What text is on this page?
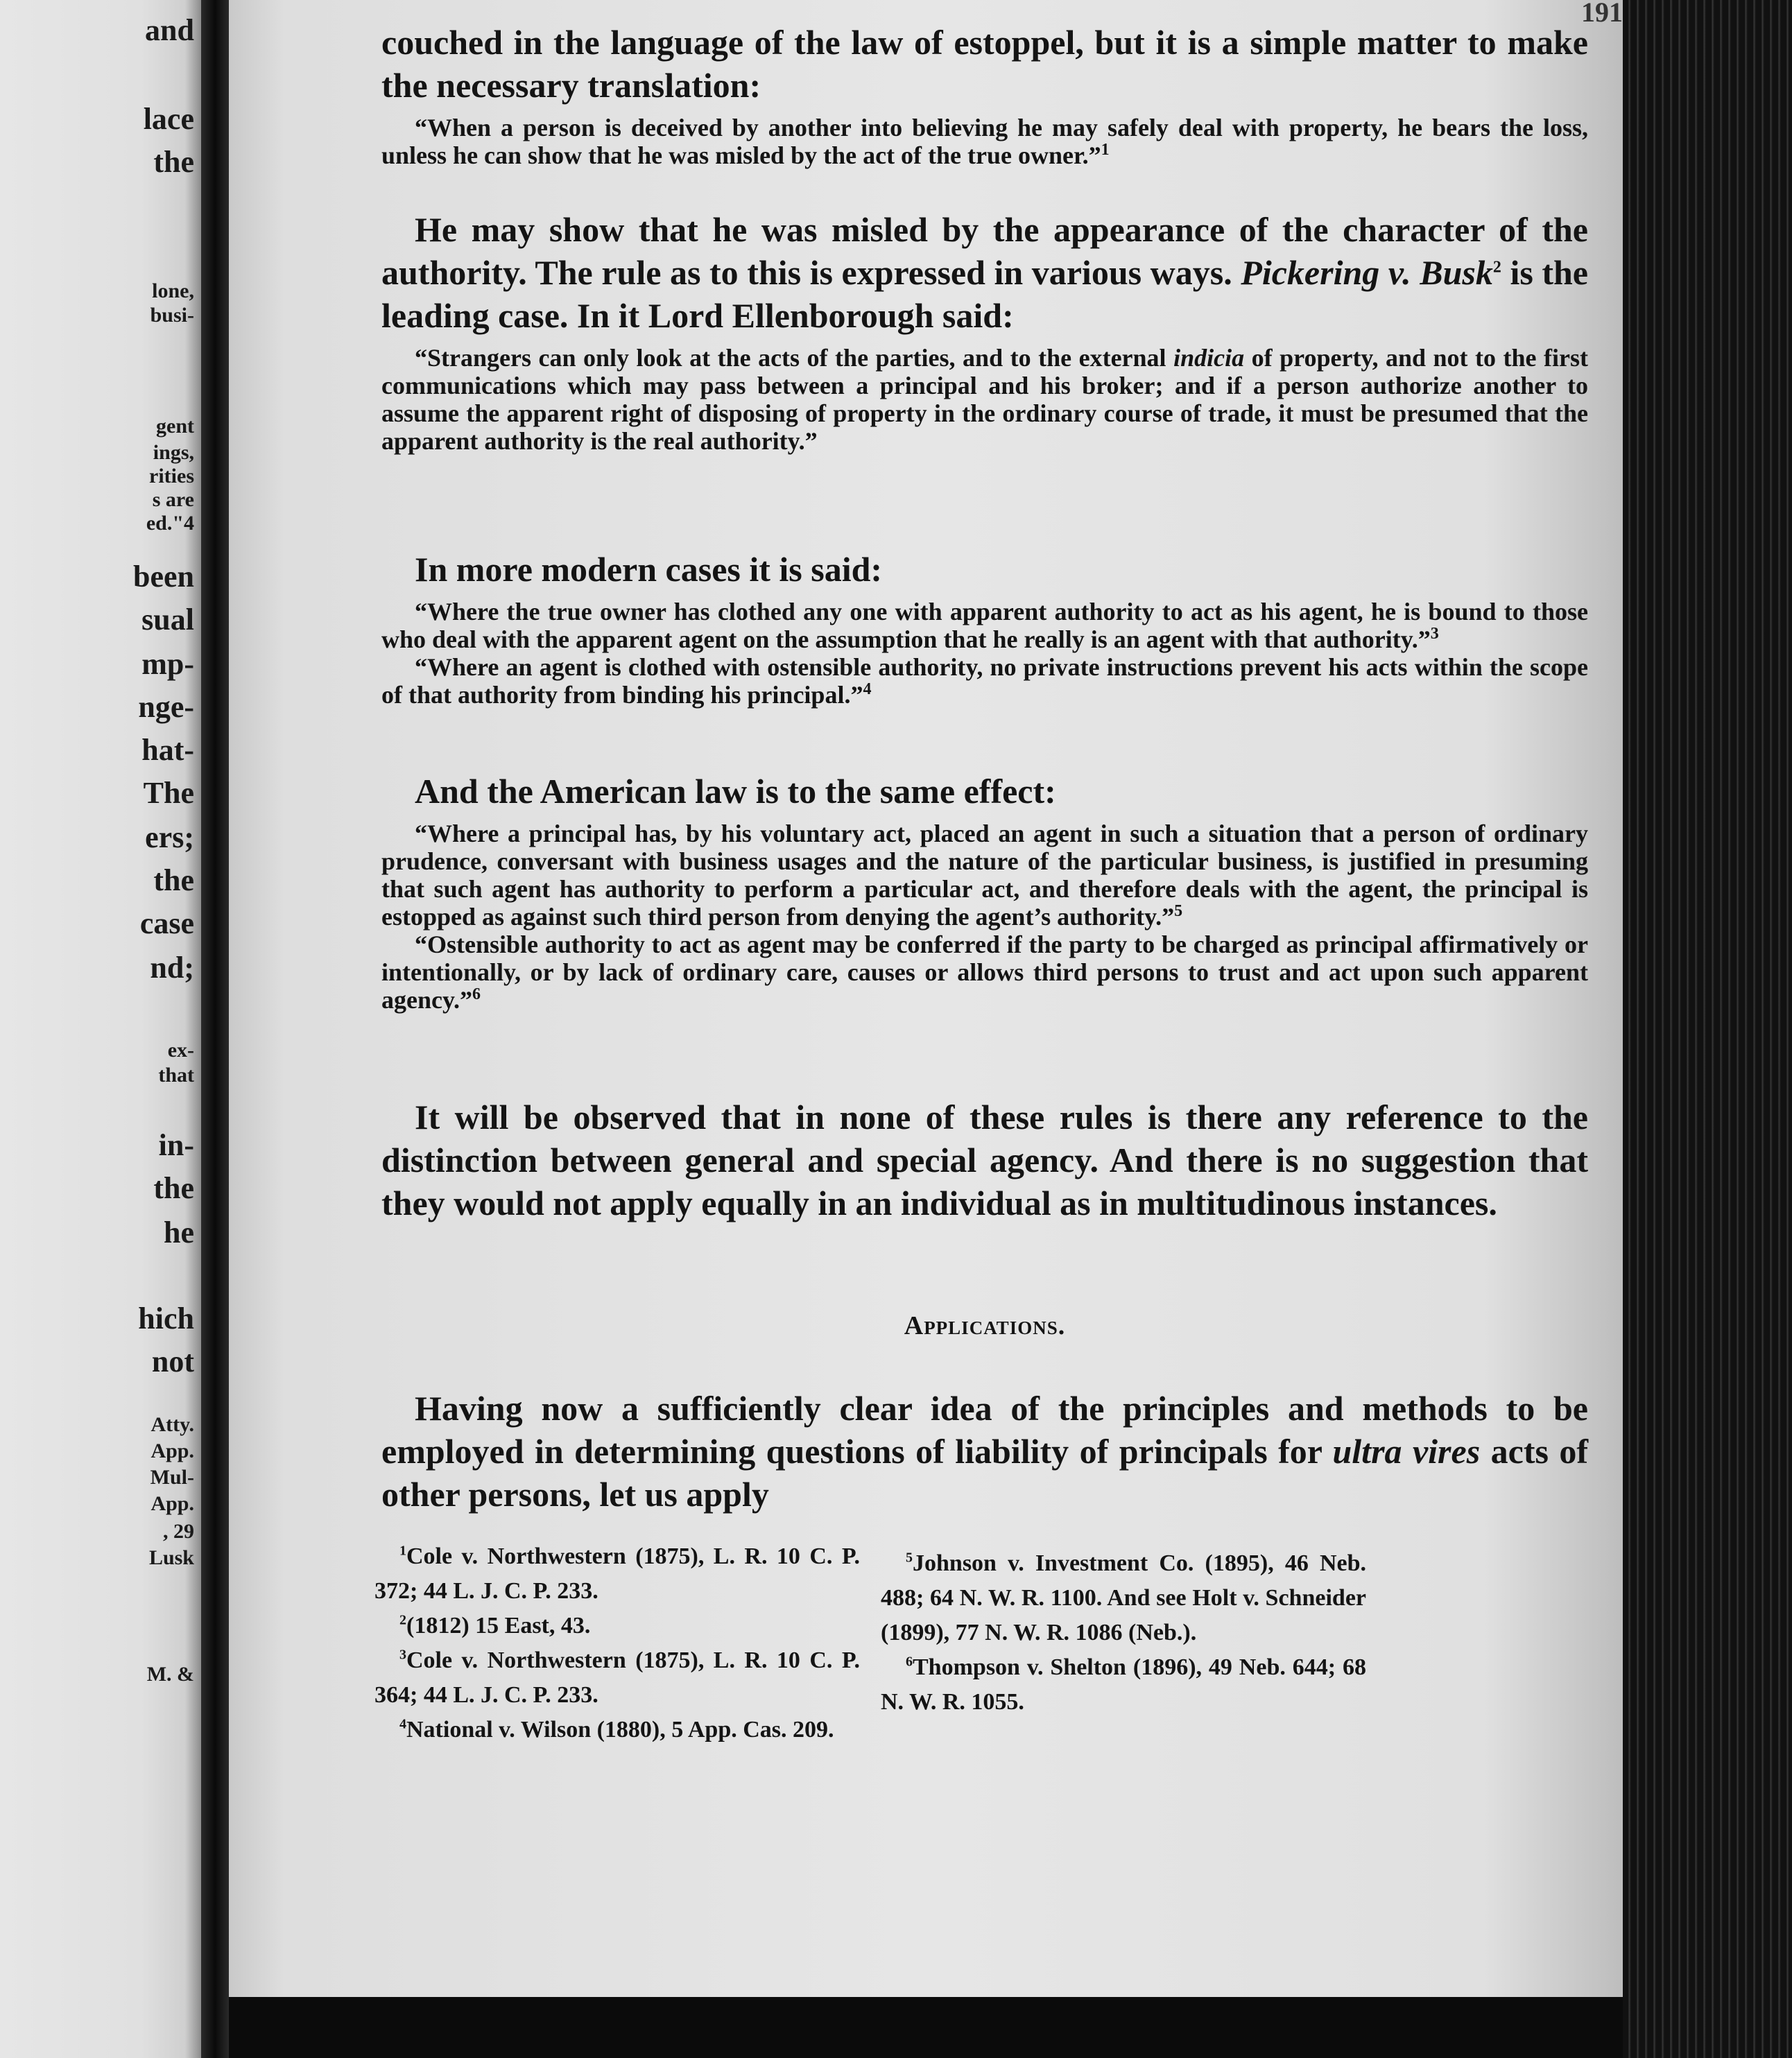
and
lace
the
lone,
busi-
gent
ings,
rities
s are
ed."4
been
sual
mp-
nge-
hat-
The
ers;
the
case
nd;
ex-
that
in-
the
he
hich
not
Atty.
App.
Mul-
App.
, 29
Lusk
M. &
191

couched in the language of the law of estoppel, but it is a simple matter to make the necessary translation:

“When a person is deceived by another into believing he may safely deal with property, he bears the loss, unless he can show that he was misled by the act of the true owner.”$^1$

He may show that he was misled by the appearance of the character of the authority. The rule as to this is expressed in various ways. Pickering v. Busk$^2$ is the leading case. In it Lord Ellenborough said:

“Strangers can only look at the acts of the parties, and to the external indicia of property, and not to the first communications which may pass between a principal and his broker; and if a person authorize another to assume the apparent right of disposing of property in the ordinary course of trade, it must be presumed that the apparent authority is the real authority.”

In more modern cases it is said:

“Where the true owner has clothed any one with apparent authority to act as his agent, he is bound to those who deal with the apparent agent on the assumption that he really is an agent with that authority.”$^3$

“Where an agent is clothed with ostensible authority, no private instructions prevent his acts within the scope of that authority from binding his principal.”$^4$

And the American law is to the same effect:

“Where a principal has, by his voluntary act, placed an agent in such a situation that a person of ordinary prudence, conversant with business usages and the nature of the particular business, is justified in presuming that such agent has authority to perform a particular act, and therefore deals with the agent, the principal is estopped as against such third person from denying the agent’s authority.”$^5$

“Ostensible authority to act as agent may be conferred if the party to be charged as principal affirmatively or intentionally, or by lack of ordinary care, causes or allows third persons to trust and act upon such apparent agency.”$^6$

It will be observed that in none of these rules is there any reference to the distinction between general and special agency. And there is no suggestion that they would not apply equally in an individual as in multitudinous instances.

Applications.

Having now a sufficiently clear idea of the principles and methods to be employed in determining questions of liability of principals for ultra vires acts of other persons, let us apply

$^1$Cole v. Northwestern (1875), L. R. 10 C. P. 372; 44 L. J. C. P. 233.

$^2$(1812) 15 East, 43.

$^3$Cole v. Northwestern (1875), L. R. 10 C. P. 364; 44 L. J. C. P. 233.

$^4$National v. Wilson (1880), 5 App. Cas. 209.

$^5$Johnson v. Investment Co. (1895), 46 Neb. 488; 64 N. W. R. 1100. And see Holt v. Schneider (1899), 77 N. W. R. 1086 (Neb.).

$^6$Thompson v. Shelton (1896), 49 Neb. 644; 68 N. W. R. 1055.
